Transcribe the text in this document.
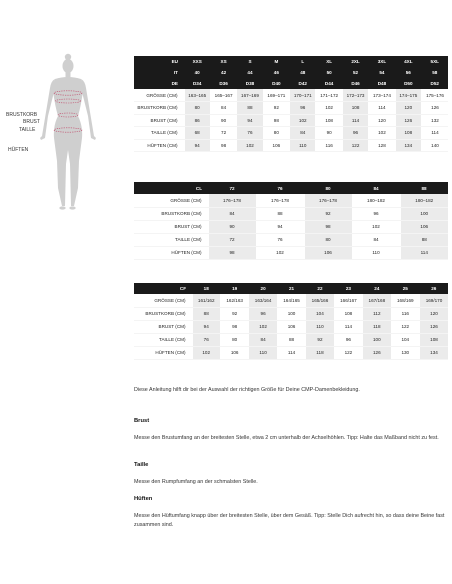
BRUSTKORB
BRUST
TAILLE
HÜFTEN
EU	XXS	XS	S	M	L	XL	2XL	3XL	4XL	5XL
IT	40	42	44	46	48	50	52	54	56	58
DE	D34	D36	D38	D40	D42	D44	D46	D48	D50	D52
GRÖSSE (CM)	163–165	165–167	167–169	169–171	170–171	171–172	172–173	173–174	174–175	175–176
BRUSTKORB (CM)	80	84	88	92	96	102	108	114	120	126
BRUST (CM)	86	90	94	98	102	108	114	120	126	132
TAILLE (CM)	68	72	76	80	84	90	96	102	108	114
HÜFTEN (CM)	94	98	102	106	110	116	122	128	134	140
CL	72	76	80	84	88
GRÖSSE (CM)	176–178	176–178	176–178	180–182	180–182
BRUSTKORB (CM)	84	88	92	96	100
BRUST (CM)	90	94	98	102	106
TAILLE (CM)	72	76	80	84	88
HÜFTEN (CM)	98	102	106	110	114
CF	18	19	20	21	22	23	24	25	26
GRÖSSE (CM)	161/162	162/163	163/164	164/165	165/166	166/167	167/168	168/169	169/170
BRUSTKORB (CM)	88	92	96	100	104	108	112	116	120
BRUST (CM)	94	98	102	106	110	114	118	122	126
TAILLE (CM)	76	80	84	88	92	96	100	104	108
HÜFTEN (CM)	102	106	110	114	118	122	126	130	134

Diese Anleitung hilft dir bei der Auswahl der richtigen Größe für Deine CMP-Damenbekleidung.

Brust

Messe den Brustumfang an der breitesten Stelle, etwa 2 cm unterhalb der Achselhöhlen. Tipp: Halte das Maßband nicht zu fest.

Taille

Messe den Rumpfumfang an der schmalsten Stelle.

Hüften

Messe den Hüftumfang knapp über der breitesten Stelle, über dem Gesäß. Tipp: Stelle Dich aufrecht hin, so dass deine Beine fast zusammen sind.
